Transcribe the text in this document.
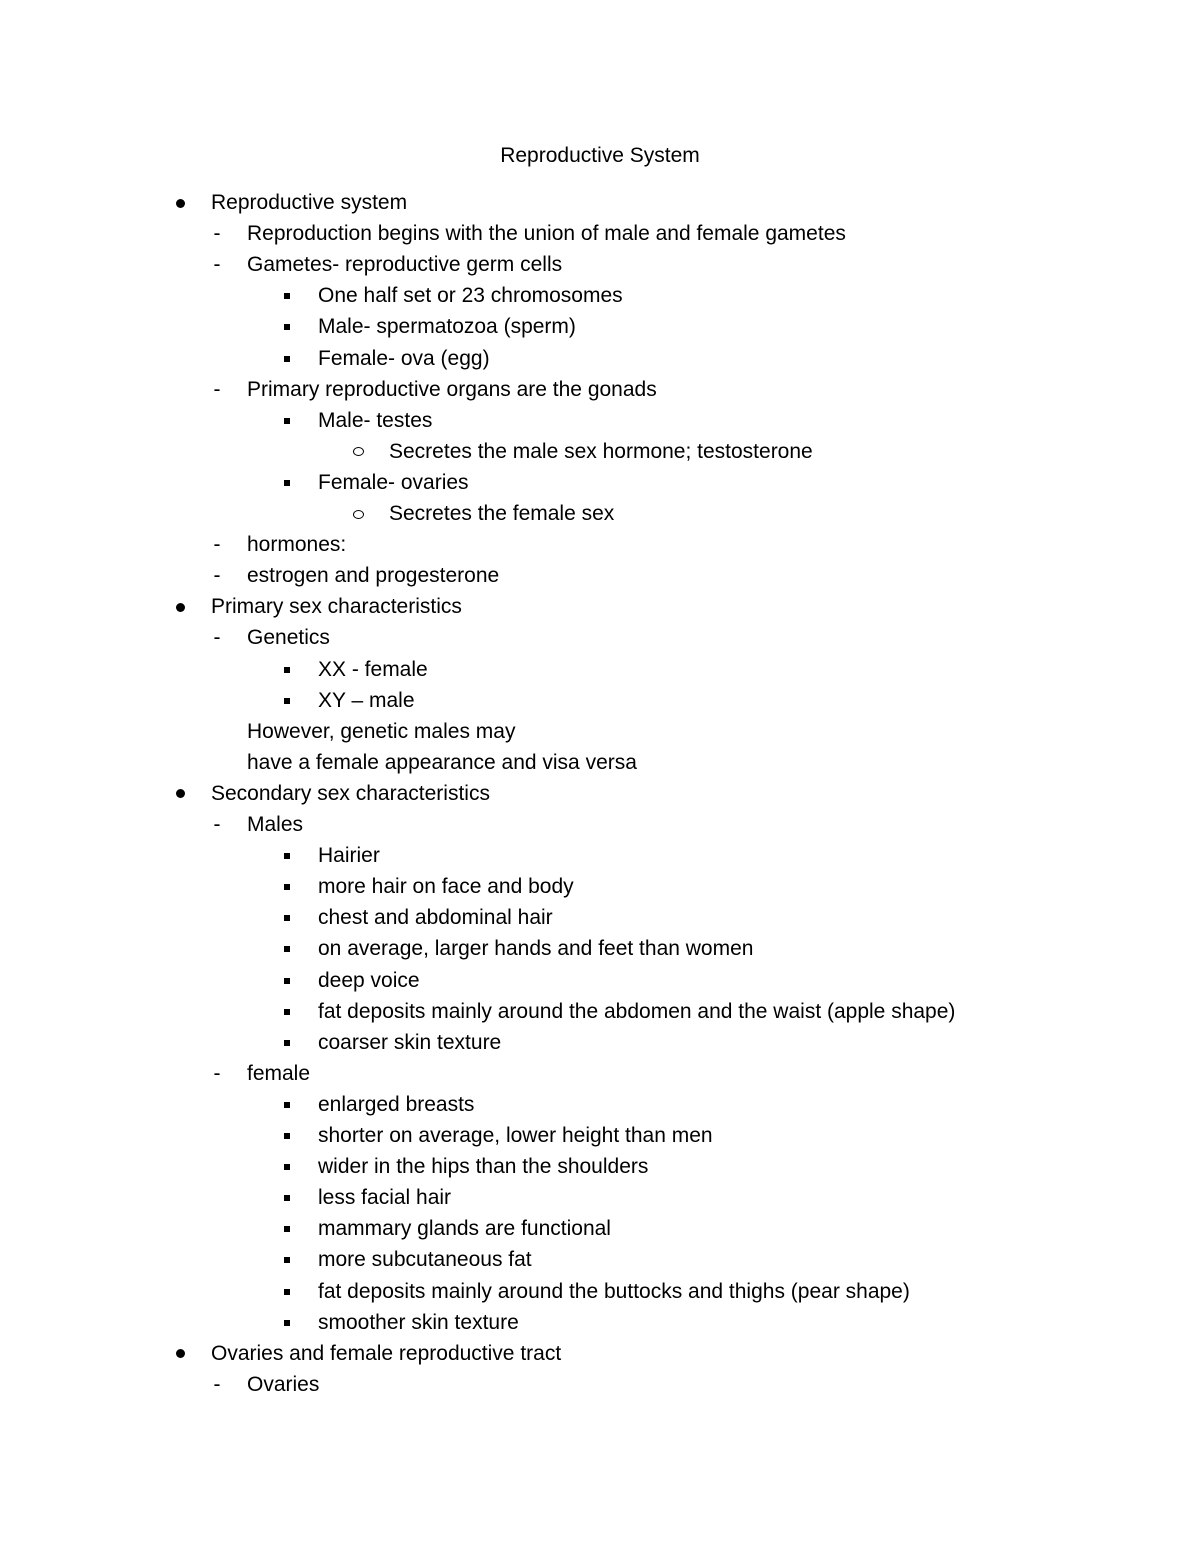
Reproductive System
Reproductive system
- Reproduction begins with the union of male and female gametes
- Gametes- reproductive germ cells
One half set or 23 chromosomes
Male- spermatozoa (sperm)
Female- ova (egg)
- Primary reproductive organs are the gonads
Male- testes
Secretes the male sex hormone; testosterone
Female- ovaries
Secretes the female sex
- hormones:
- estrogen and progesterone
Primary sex characteristics
- Genetics
XX - female
XY – male
However, genetic males may
have a female appearance and visa versa
Secondary sex characteristics
- Males
Hairier
more hair on face and body
chest and abdominal hair
on average, larger hands and feet than women
deep voice
fat deposits mainly around the abdomen and the waist (apple shape)
coarser skin texture
- female
enlarged breasts
shorter on average, lower height than men
wider in the hips than the shoulders
less facial hair
mammary glands are functional
more subcutaneous fat
fat deposits mainly around the buttocks and thighs (pear shape)
smoother skin texture
Ovaries and female reproductive tract
- Ovaries
